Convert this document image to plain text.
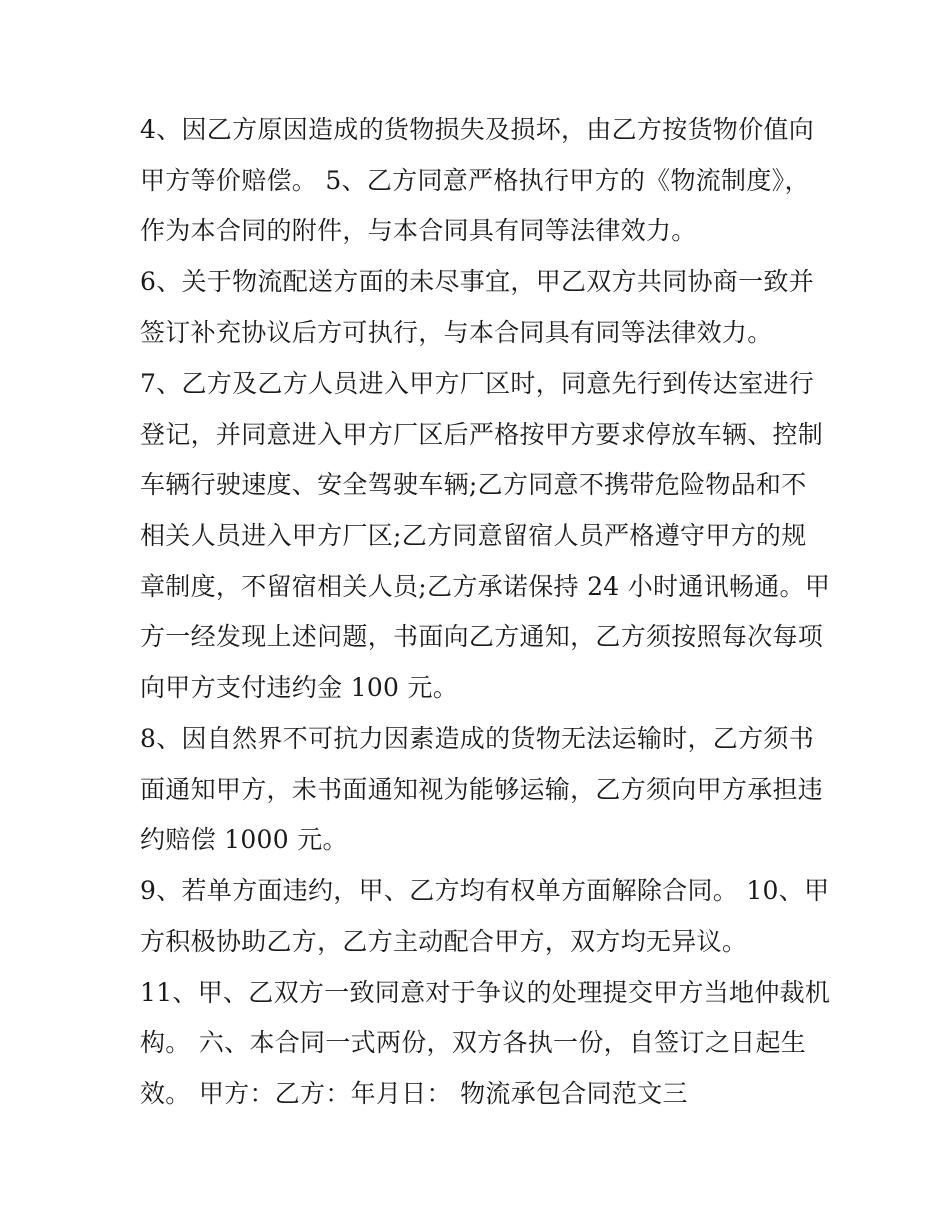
4、因乙方原因造成的货物损失及损坏，由乙方按货物价值向
甲方等价赔偿。 5、乙方同意严格执行甲方的《物流制度》，
作为本合同的附件，与本合同具有同等法律效力。
6、关于物流配送方面的未尽事宜，甲乙双方共同协商一致并
签订补充协议后方可执行，与本合同具有同等法律效力。
7、乙方及乙方人员进入甲方厂区时，同意先行到传达室进行
登记，并同意进入甲方厂区后严格按甲方要求停放车辆、控制
车辆行驶速度、安全驾驶车辆;乙方同意不携带危险物品和不
相关人员进入甲方厂区;乙方同意留宿人员严格遵守甲方的规
章制度，不留宿相关人员;乙方承诺保持 24 小时通讯畅通。甲
方一经发现上述问题，书面向乙方通知，乙方须按照每次每项
向甲方支付违约金 100 元。
8、因自然界不可抗力因素造成的货物无法运输时，乙方须书
面通知甲方，未书面通知视为能够运输，乙方须向甲方承担违
约赔偿 1000 元。
9、若单方面违约，甲、乙方均有权单方面解除合同。 10、甲
方积极协助乙方，乙方主动配合甲方，双方均无异议。
11、甲、乙双方一致同意对于争议的处理提交甲方当地仲裁机
构。 六、本合同一式两份，双方各执一份，自签订之日起生
效。 甲方：乙方：年月日： 物流承包合同范文三
